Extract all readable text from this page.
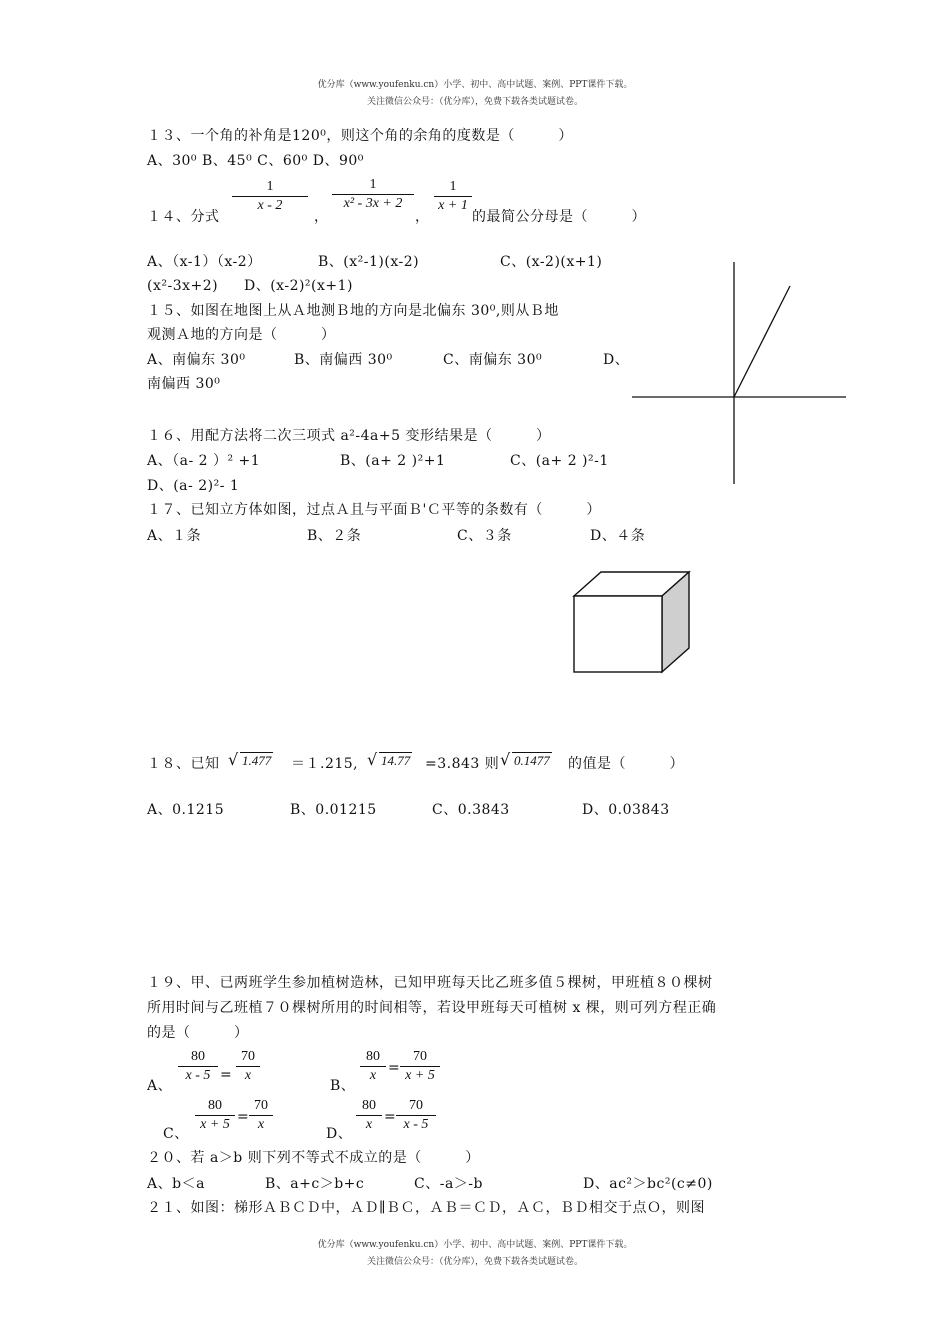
优分库（www.youfenku.cn）小学、初中、高中试题、案例、PPT课件下载。
关注微信公众号：（优分库），免费下载各类试题试卷。
１３、一个角的补角是120⁰，则这个角的余角的度数是（　　　）
A、30⁰ B、45⁰ C、60⁰ D、90⁰
１４、分式
$\frac{1}{x - 2}$
，
$\frac{1}{\text{x² - 3x + 2}}$
，
$\frac{1}{x + 1}$
的最简公分母是（　　　）
A、（x-1）（x-2）	B、(x²-1)(x-2)	C、(x-2)(x+1)
(x²-3x+2) D、(x-2)²(x+1)
１５、如图在地图上从Ａ地测Ｂ地的方向是北偏东 30⁰,则从Ｂ地
观测Ａ地的方向是（　　　）
A、南偏东 30⁰	B、南偏西 30⁰	C、南偏东 30⁰	D、
南偏西 30⁰
１６、用配方法将二次三项式 a²-4a+5 变形结果是（　　　）
A、（a- 2 ）² +1	B、(a+ 2 )²+1	C、(a+ 2 )²-1
D、(a- 2)²- 1
１７、已知立方体如图，过点Ａ且与平面Ｂ'Ｃ平等的条数有（　　　）
A、１条	B、２条	C、３条	D、４条
１８、已知 √ 1.477 ＝１.215, √ 14.77 =3.843 则 √ 0.1477 的值是（　　　）
A、0.1215	B、0.01215	C、0.3843	D、0.03843
１９、甲、已两班学生参加植树造林，已知甲班每天比乙班多值５棵树，甲班植８０棵树
所用时间与乙班植７０棵树所用的时间相等，若设甲班每天可植树 x 棵，则可列方程正确
的是（　　　）
A、
$\frac{80}{x - 5} = \frac{70}{x}$
B、
$\frac{80}{x} = \frac{70}{x + 5}$
C、 $\frac{80}{x + 5} = \frac{70}{x}$	D、 $\frac{80}{x} = \frac{70}{x - 5}$
２０、若 a＞b 则下列不等式不成立的是（　　　）
A、b＜a	B、a+c＞b+c	C、-a＞-b	D、ac²＞bc²(c≠0)
２１、如图：梯形ＡＢＣＤ中，ＡＤ∥ＢＣ，ＡＢ＝ＣＤ，ＡＣ，ＢＤ相交于点Ｏ，则图
优分库（www.youfenku.cn）小学、初中、高中试题、案例、PPT课件下载。
关注微信公众号：（优分库），免费下载各类试题试卷。
